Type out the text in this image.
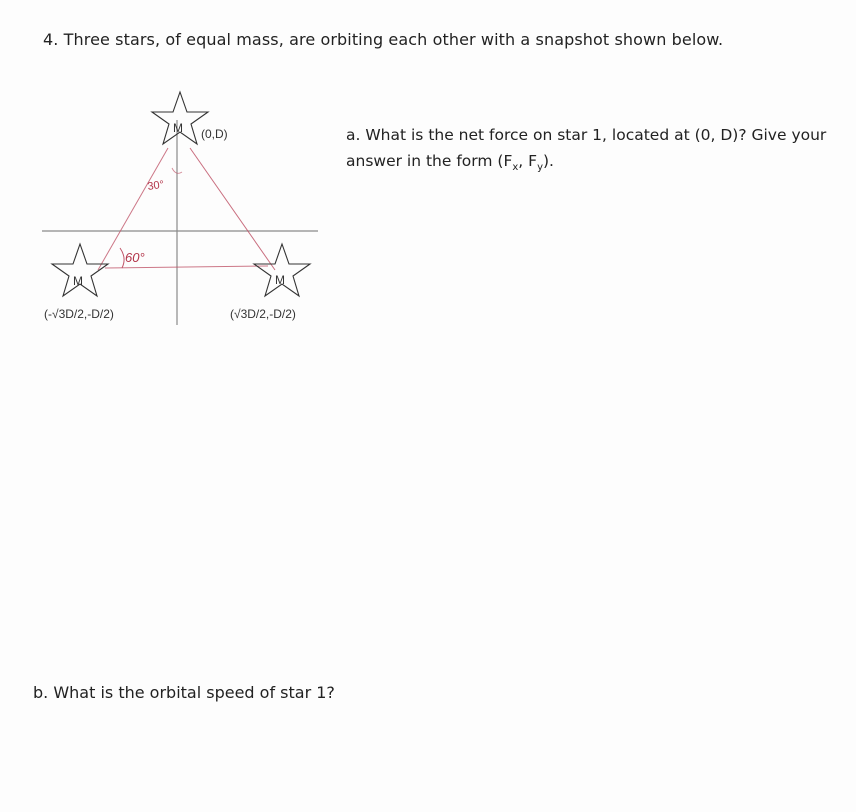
4. Three stars, of equal mass, are orbiting each other with a snapshot shown below.
M (0,D)
M
(-√3D/2,-D/2)
M
(√3D/2,-D/2)
30°
60°
a. What is the net force on star 1, located at (0, D)? Give your answer in the form ($F_x$, $F_y$).
b. What is the orbital speed of star 1?
